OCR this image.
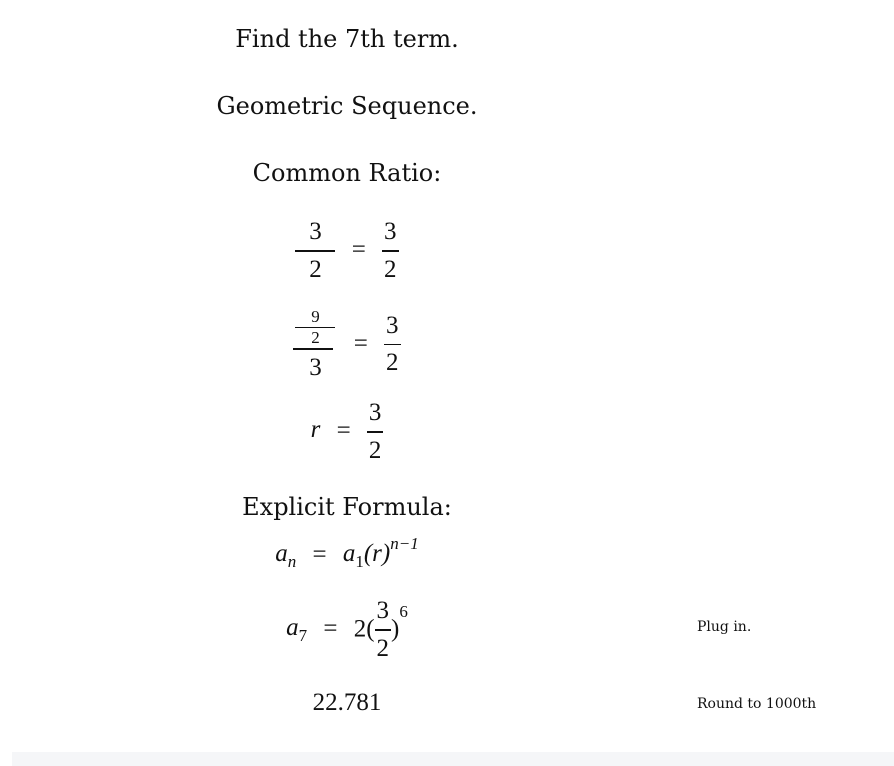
Find the 7th term.
Geometric Sequence.
Common Ratio:
$\frac{3}{2} = \frac{3}{2}$
$\frac{\frac{9}{2}}{3} = \frac{3}{2}$
$r = \frac{3}{2}$
Explicit Formula:
$a_n = a_1(r)^{n-1}$
$a_7 = 2( \frac{3}{2} )^6$
Plug in.
22.781	Round to 1000th
